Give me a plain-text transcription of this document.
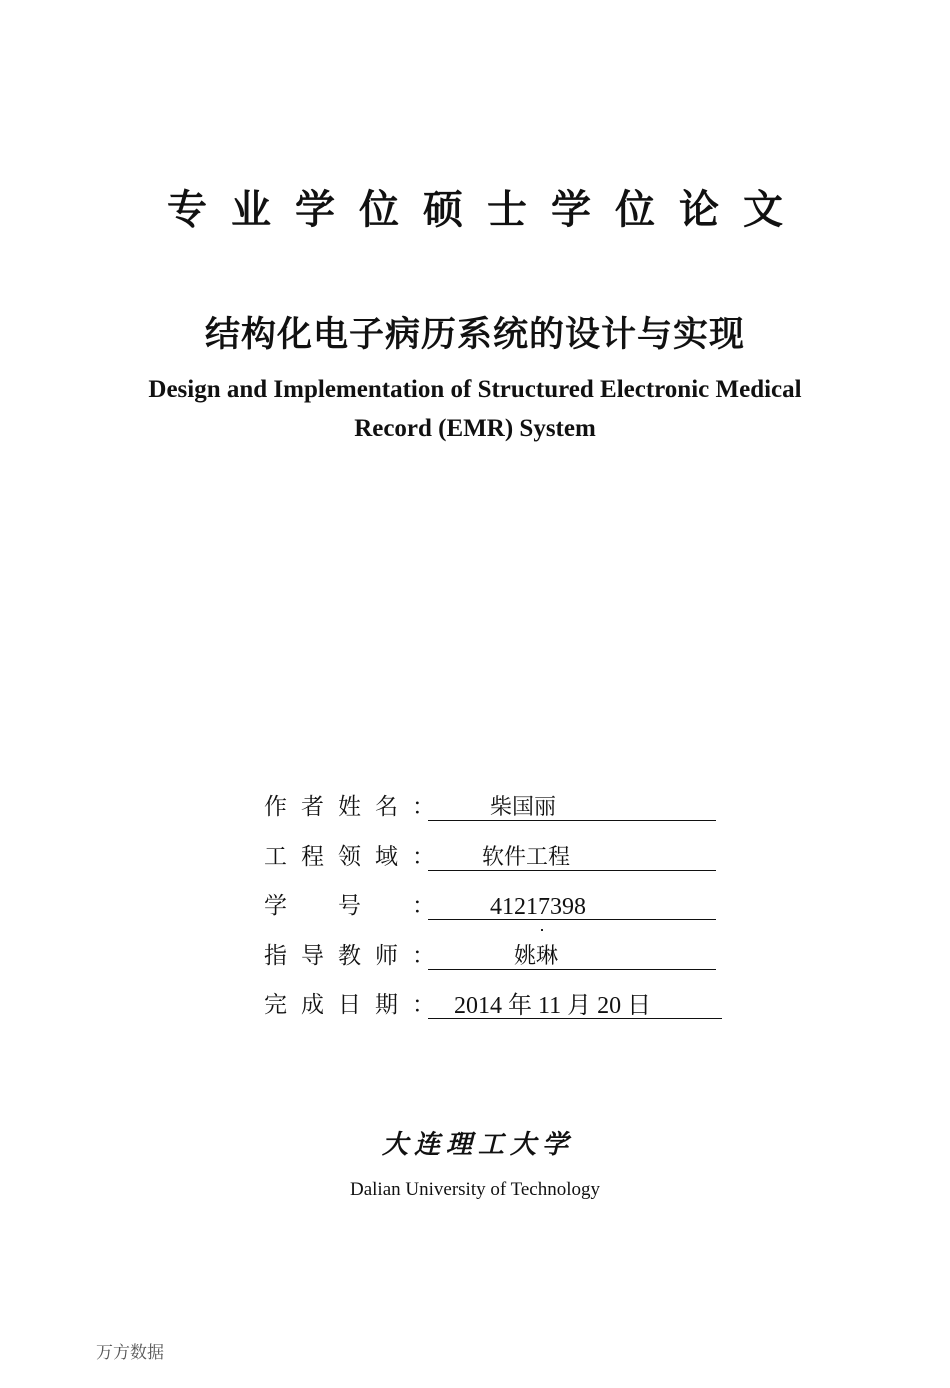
专业学位硕士学位论文
结构化电子病历系统的设计与实现
Design and Implementation of Structured Electronic Medical
Record (EMR) System
作 者 姓 名 ：	柴国丽
工 程 领 域 ：	软件工程
学 号 ：	41217398
指 导 教 师 ：	姚琳
完 成 日 期 ： 2014 年 11 月 20 日
大连理工大学
Dalian University of Technology
万方数据
